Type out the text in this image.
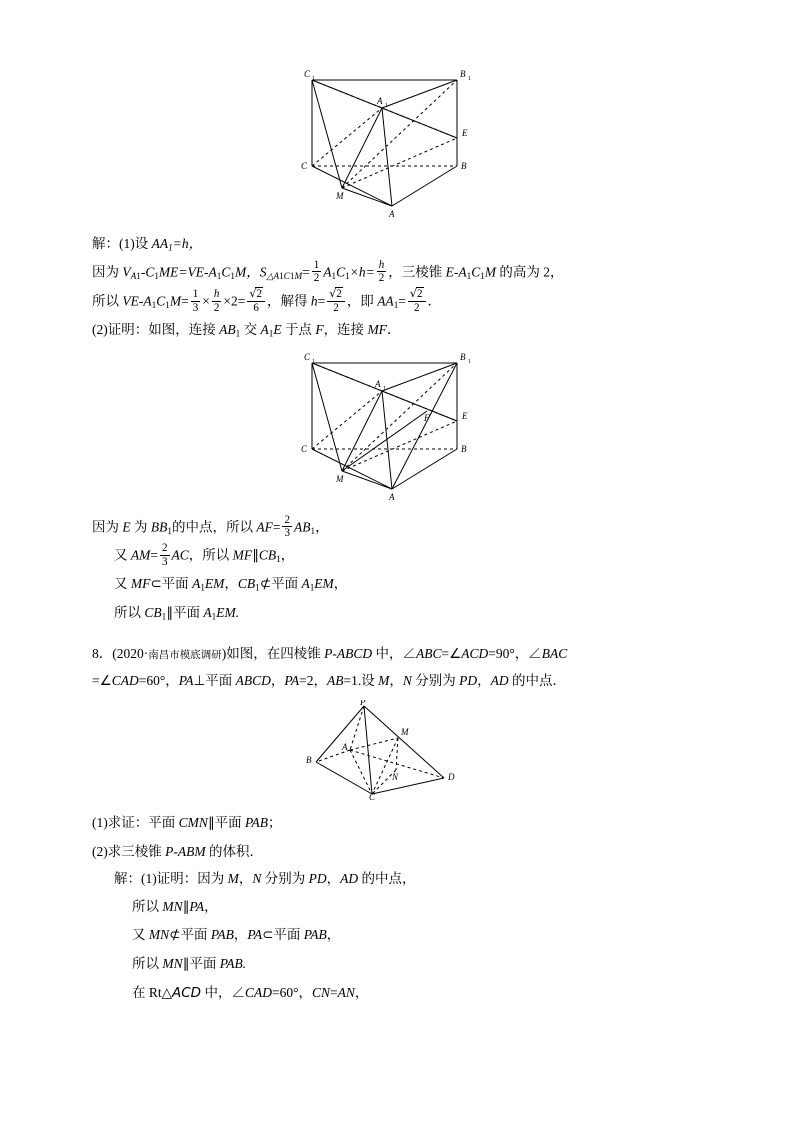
C 1	B 1
A 1
E
C	B
M
A
解：(1)设 $AA_1=h$，
因为 $V_{A1}-C_1ME=VE-A_1C_1M$，$S_{\triangle A1C1M}= \frac{1}{2} A_1C_1\times h= \frac{h}{2}$ ，三棱锥 $E-A_1C_1M$ 的高为 2，
所以 $VE-A_1C_1M= \frac{1}{3} \times \frac{h}{2} \times 2= \frac{√2}{6}$ ，解得 $h= \frac{√2}{2}$ ，即 $AA_1= \frac{√2}{2}$ ．
(2)证明：如图，连接 $AB_1$ 交 $A_1E$ 于点 F，连接 MF．
C 1	B 1
A 1
F	E
C	B
M
A
因为 E 为 $BB_1$的中点，所以 $AF= \frac{2}{3} AB_1$，
又 $AM= \frac{2}{3}$ AC，所以 $MF\parallel CB_1$，
又 MF⊂平面 $A_1EM$，$CB_1⊄$平面 $A_1EM$，
所以 $CB_1\parallel$平面 $A_1EM$.
8．(2020·南昌市模底调研)如图，在四棱锥 P-ABCD 中，∠ABC=∠ACD=90°，∠BAC
=∠CAD=60°，PA⊥平面 ABCD，PA=2，AB=1.设 M，N 分别为 PD，AD 的中点．
P
A
M
B
N	D
C
(1)求证：平面 CMN∥平面 PAB；
(2)求三棱锥 P-ABM 的体积．
解：(1)证明：因为 M，N 分别为 PD，AD 的中点，
所以 MN∥PA，
又 MN⊄平面 PAB，PA⊂平面 PAB，
所以 MN∥平面 PAB.
在 Rt△ACD 中，∠CAD=60°，CN=AN，
